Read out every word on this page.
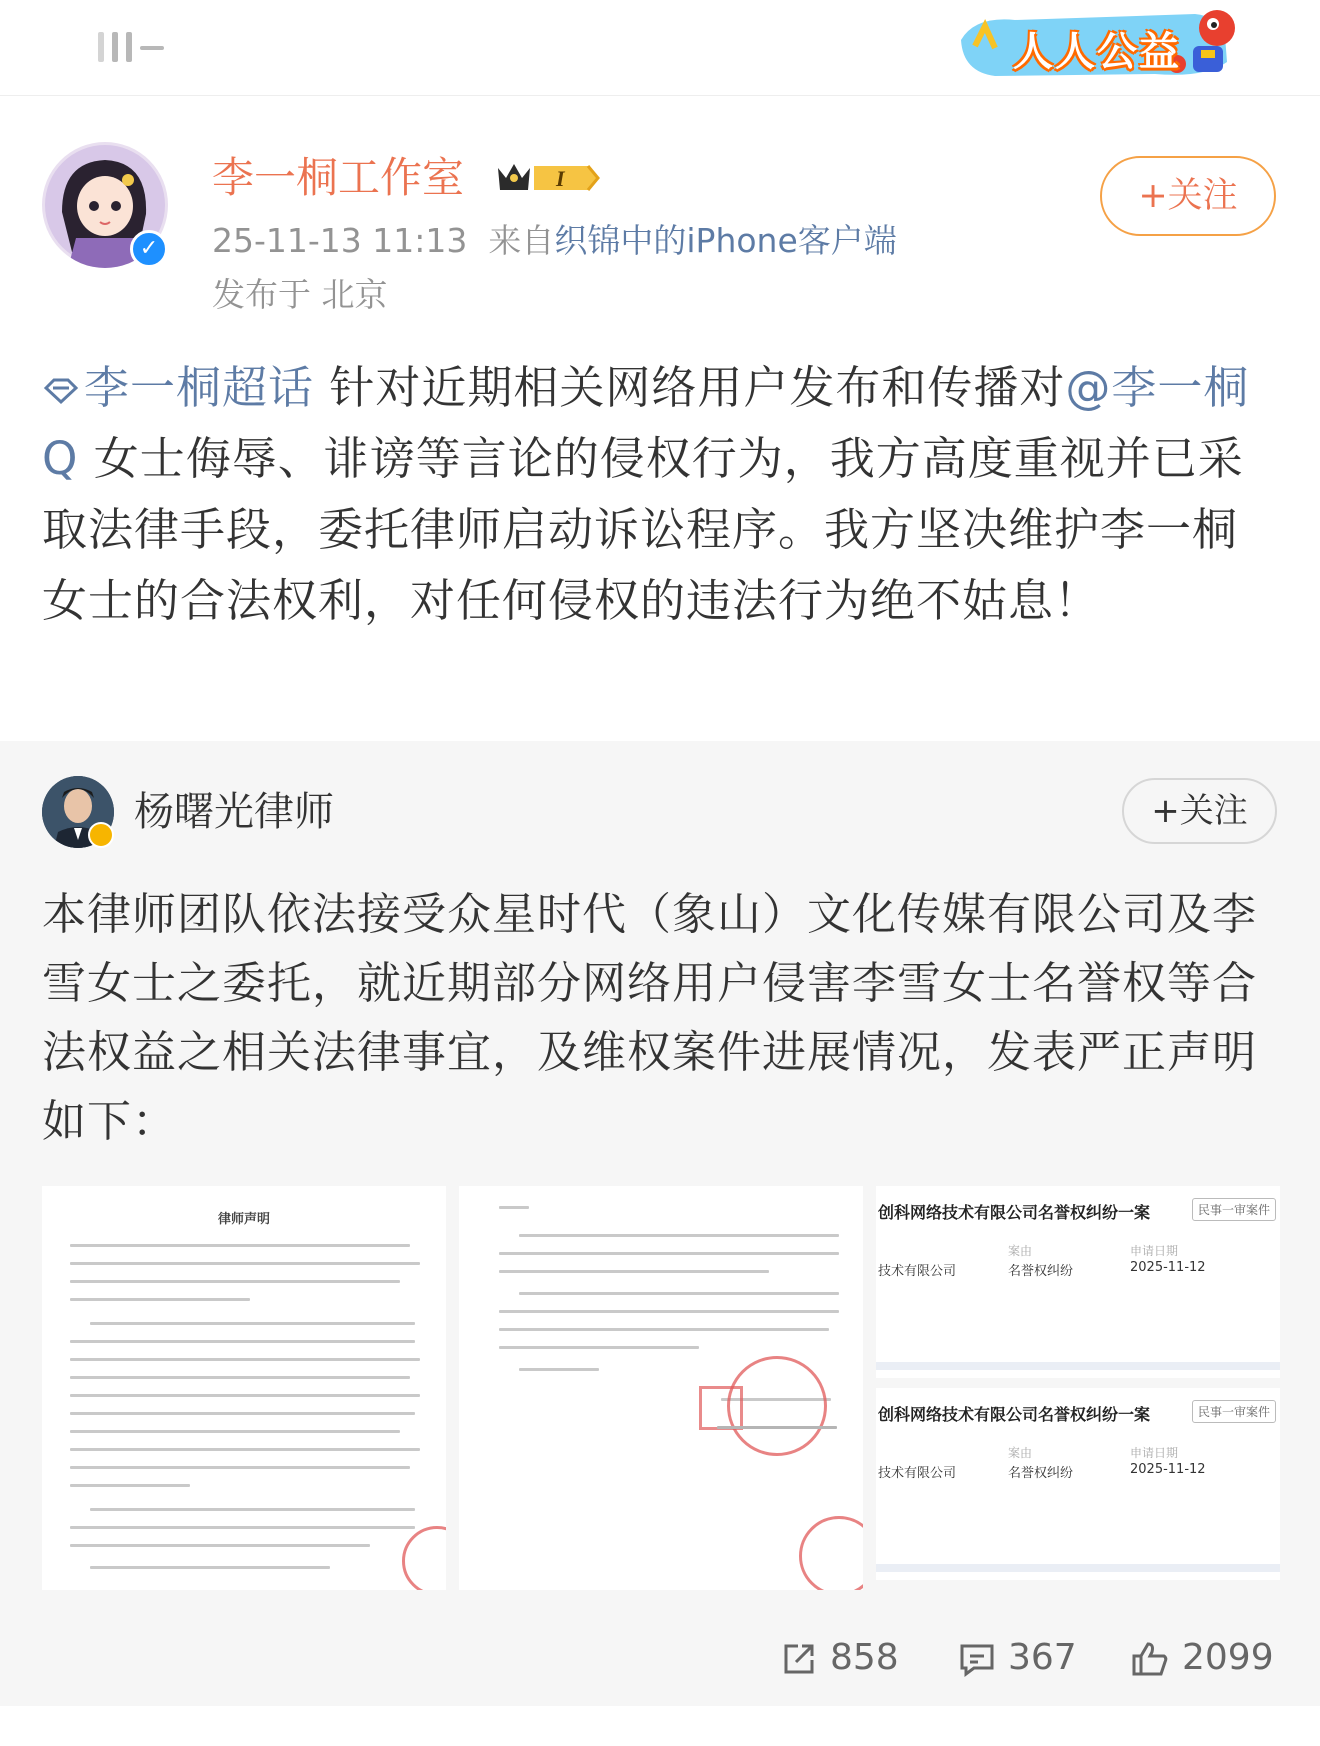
人人公益
✓
李一桐工作室	I
25-11-13 11:13 来自织锦中的iPhone客户端
发布于 北京
+关注
李一桐超话 针对近期相关网络用户发布和传播对@李一桐Q 女士侮辱、诽谤等言论的侵权行为，我方高度重视并已采取法律手段，委托律师启动诉讼程序。我方坚决维护李一桐女士的合法权利，对任何侵权的违法行为绝不姑息！
杨曙光律师	+关注
本律师团队依法接受众星时代（象山）文化传媒有限公司及李雪女士之委托，就近期部分网络用户侵害李雪女士名誉权等合法权益之相关法律事宜，及维权案件进展情况，发表严正声明如下：
律师声明	创科网络技术有限公司名誉权纠纷一案	民事一审案件
技术有限公司
案由
名誉权纠纷
申请日期
2025-11-12
创科网络技术有限公司名誉权纠纷一案	民事一审案件
技术有限公司
案由
名誉权纠纷
申请日期
2025-11-12
858	367	2099
